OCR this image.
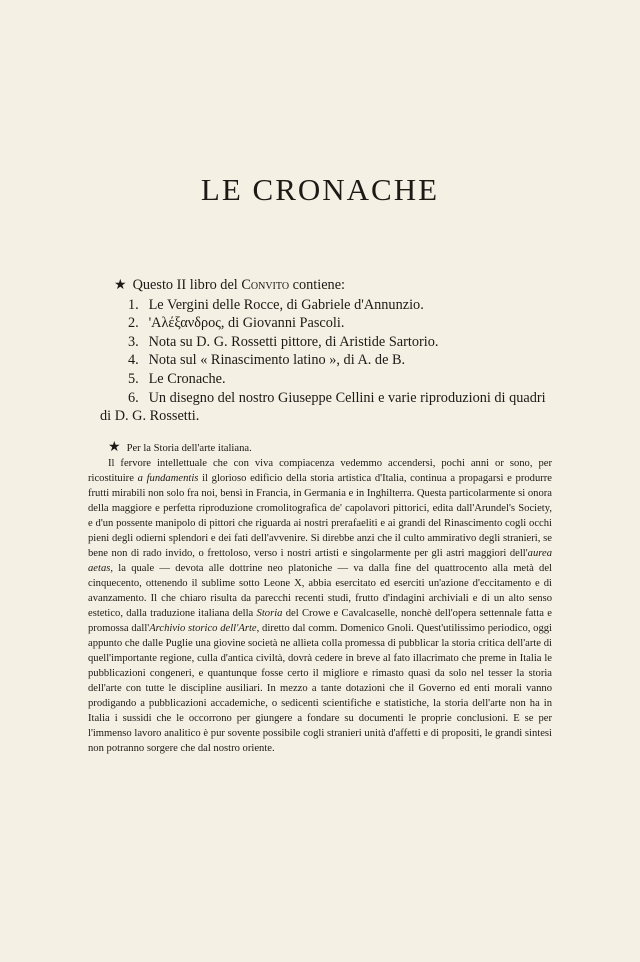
LE CRONACHE
★ Questo II libro del Convito contiene:
1. Le Vergini delle Rocce, di Gabriele d'Annunzio.
2. 'Αλέξανδρος, di Giovanni Pascoli.
3. Nota su D. G. Rossetti pittore, di Aristide Sartorio.
4. Nota sul « Rinascimento latino », di A. de B.
5. Le Cronache.
6. Un disegno del nostro Giuseppe Cellini e varie riproduzioni di quadri
di D. G. Rossetti.
★ Per la Storia dell'arte italiana.

Il fervore intellettuale che con viva compiacenza vedemmo accendersi, pochi anni or sono, per ricostituire a fundamentis il glorioso edificio della storia artistica d'Italia, continua a propagarsi e produrre frutti mirabili non solo fra noi, bensì in Francia, in Germania e in Inghilterra. Questa particolarmente si onora della maggiore e perfetta riproduzione cromolitografica de' capolavori pittorici, edita dall'Arundel's Society, e d'un possente manipolo di pittori che riguarda ai nostri prerafaeliti e ai grandi del Rinascimento cogli occhi pieni degli odierni splendori e dei fati dell'avvenire. Si direbbe anzi che il culto ammirativo degli stranieri, se bene non di rado invido, o frettoloso, verso i nostri artisti e singolarmente per gli astri maggiori dell'aurea aetas, la quale — devota alle dottrine neo platoniche — va dalla fine del quattrocento alla metà del cinquecento, ottenendo il sublime sotto Leone X, abbia esercitato ed eserciti un'azione d'eccitamento e di avanzamento. Il che chiaro risulta da parecchi recenti studi, frutto d'indagini archiviali e di un alto senso estetico, dalla traduzione italiana della Storia del Crowe e Cavalcaselle, nonchè dell'opera settennale fatta e promossa dall'Archivio storico dell'Arte, diretto dal comm. Domenico Gnoli. Quest'utilissimo periodico, oggi appunto che dalle Puglie una giovine società ne allieta colla promessa di pubblicar la storia critica dell'arte di quell'importante regione, culla d'antica civiltà, dovrà cedere in breve al fato illacrimato che preme in Italia le pubblicazioni congeneri, e quantunque fosse certo il migliore e rimasto quasi da solo nel tesser la storia dell'arte con tutte le discipline ausiliari. In mezzo a tante dotazioni che il Governo ed enti morali vanno prodigando a pubblicazioni accademiche, o sedicenti scientifiche e statistiche, la storia dell'arte non ha in Italia i sussidi che le occorrono per giungere a fondare su documenti le proprie conclusioni. E se per l'immenso lavoro analitico è pur sovente possibile cogli stranieri unità d'affetti e di propositi, le grandi sintesi non potranno sorgere che dal nostro oriente.
